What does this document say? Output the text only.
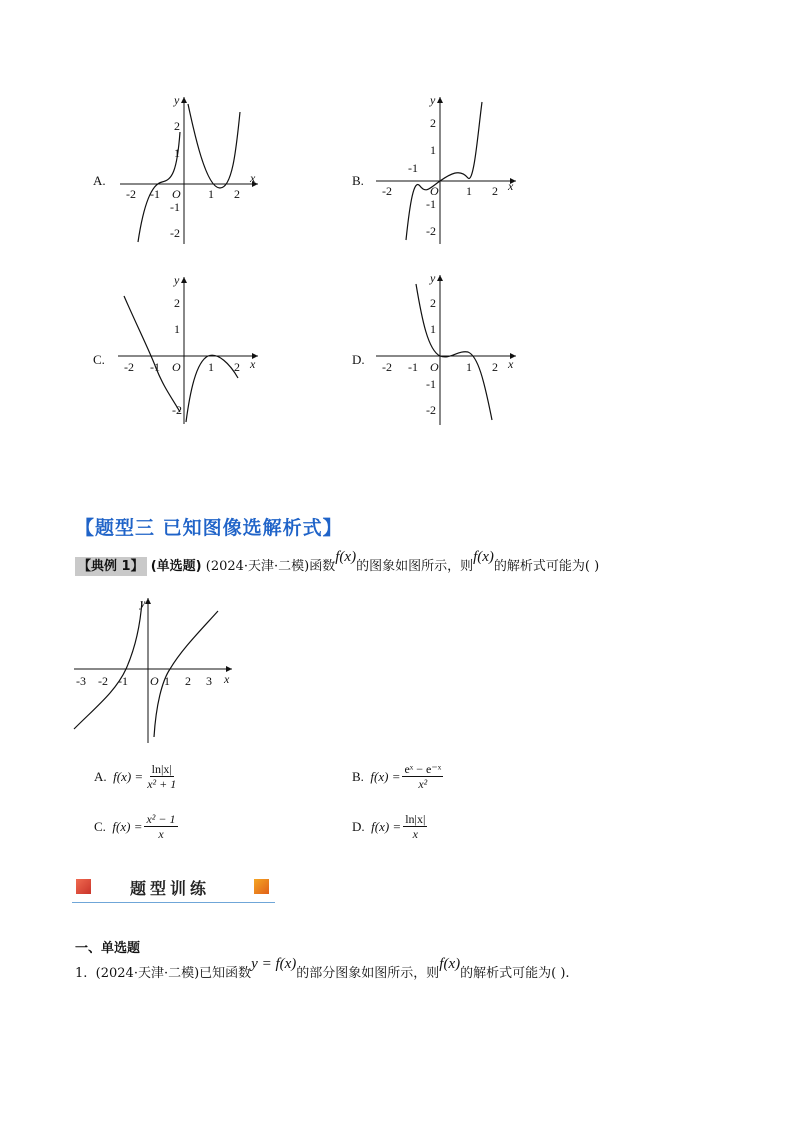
A.	x
y
O
-2 -1	1 2
2
1
-1
-2
B.	x
y
O
-2
-1
1 2
2
1
-1
-2
C.	x
y
O
-2 -1	1 2
2
1
-2
D.	x
y
O
-2 -1	1 2
2
1
-1
-2
【题型三 已知图像选解析式】
【典例 1】 (单选题) (2024·天津·二模)函数f(x)的图象如图所示，则f(x)的解析式可能为( )
x
y
O
-3 -2 -1	1 2 3
A.
$f(x) = \frac{\ln|x|}{\text{x² + 1}}$	B.
$f(x) = \frac{\text{eˣ − e⁻ˣ}}{\text{x²}}$
C.
$f(x) = \frac{\text{x² − 1}}{x}$	D.
$f(x) = \frac{\ln|x|}{x}$
题型训练
一、单选题
1. (2024·天津·二模)已知函数y = f(x)的部分图象如图所示，则f(x)的解析式可能为( ).
